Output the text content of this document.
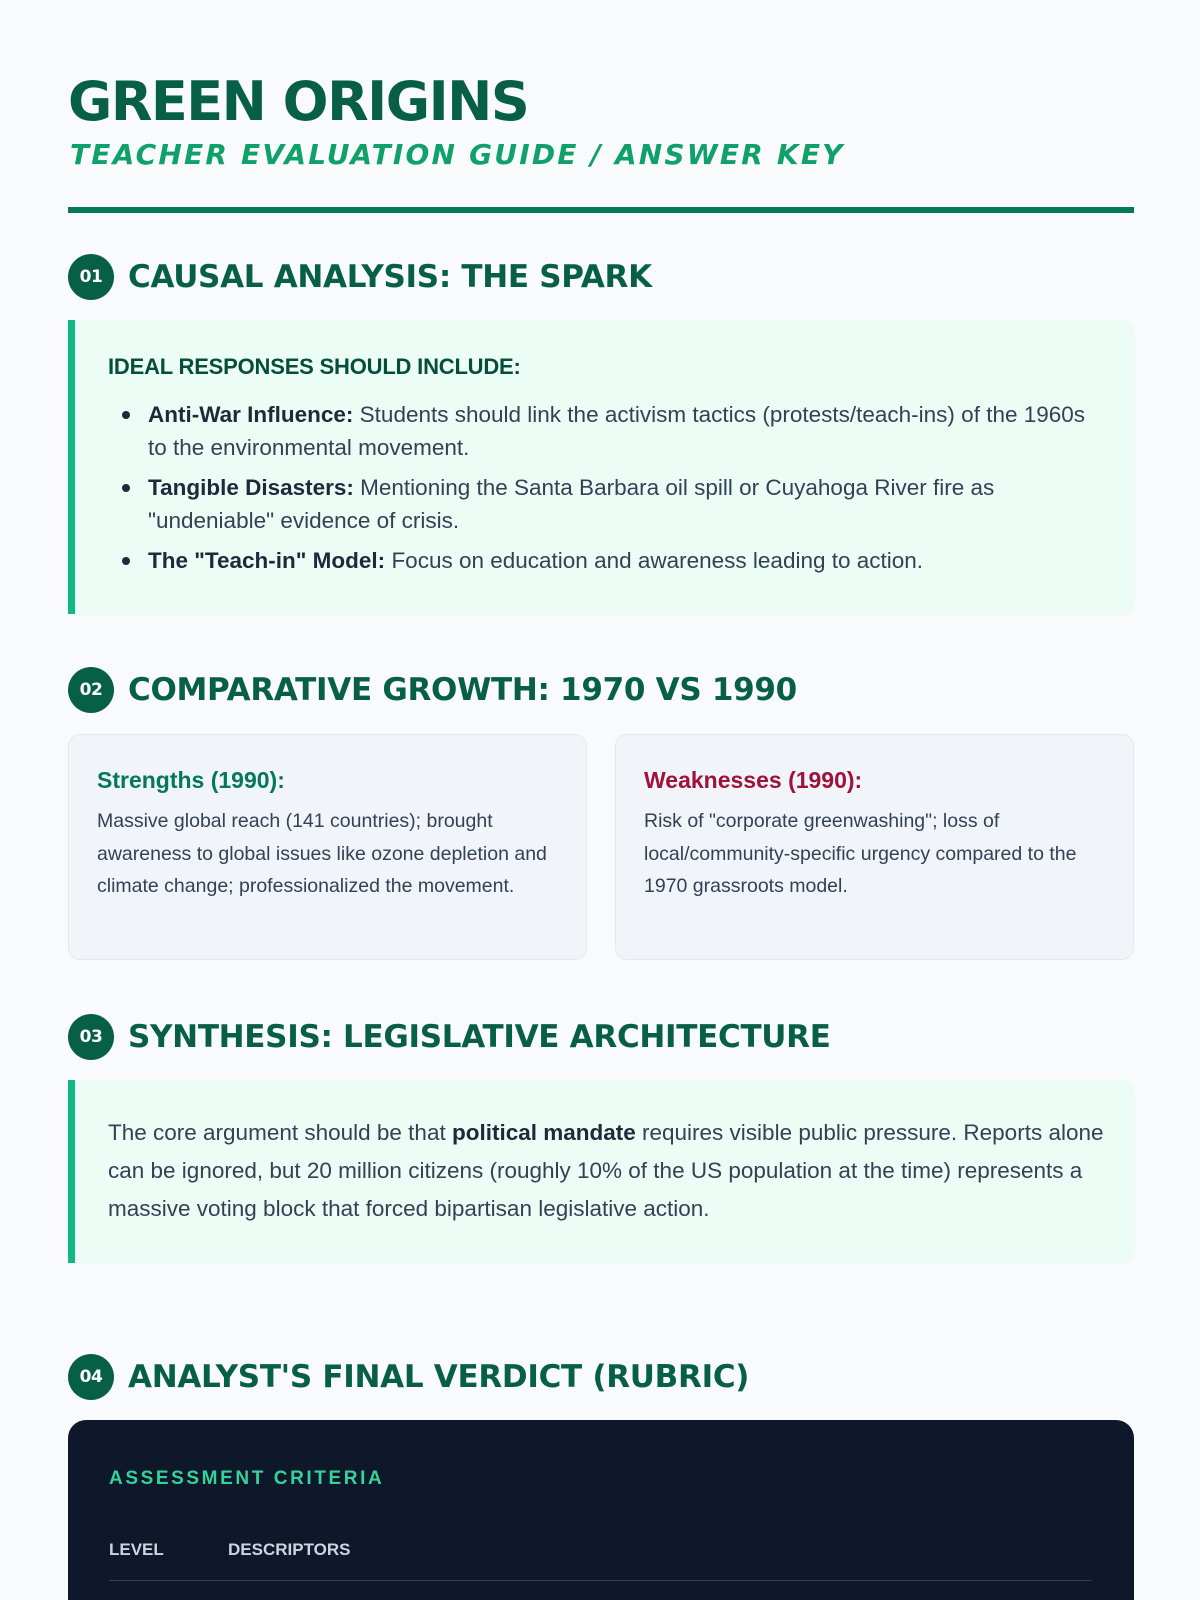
GREEN ORIGINS
TEACHER EVALUATION GUIDE / ANSWER KEY
01 CAUSAL ANALYSIS: THE SPARK
IDEAL RESPONSES SHOULD INCLUDE:
Anti-War Influence: Students should link the activism tactics (protests/teach-ins) of the 1960s to the environmental movement.
Tangible Disasters: Mentioning the Santa Barbara oil spill or Cuyahoga River fire as "undeniable" evidence of crisis.
The "Teach-in" Model: Focus on education and awareness leading to action.
02 COMPARATIVE GROWTH: 1970 VS 1990
Strengths (1990):
Massive global reach (141 countries); brought awareness to global issues like ozone depletion and climate change; professionalized the movement.
Weaknesses (1990):
Risk of "corporate greenwashing"; loss of local/community-specific urgency compared to the 1970 grassroots model.
03 SYNTHESIS: LEGISLATIVE ARCHITECTURE

The core argument should be that political mandate requires visible public pressure. Reports alone can be ignored, but 20 million citizens (roughly 10% of the US population at the time) represents a massive voting block that forced bipartisan legislative action.

04 ANALYST'S FINAL VERDICT (RUBRIC)
ASSESSMENT CRITERIA
LEVEL	DESCRIPTORS
